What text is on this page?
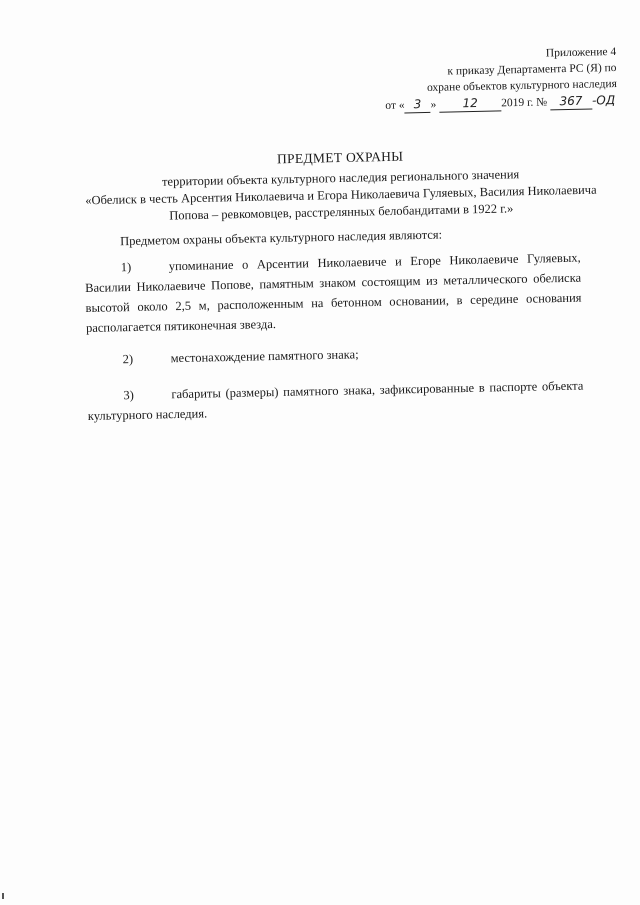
Приложение 4
к приказу Департамента РС (Я) по
охране объектов культурного наследия
от « 3 » 12 2019 г. № 367 -ОД

ПРЕДМЕТ ОХРАНЫ

территории объекта культурного наследия регионального значения

«Обелиск в честь Арсентия Николаевича и Егора Николаевича Гуляевых, Василия Николаевича

Попова – ревкомовцев, расстрелянных белобандитами в 1922 г.»

Предметом охраны объекта культурного наследия являются:

1)	упоминание о Арсентии Николаевиче и Егоре Николаевиче Гуляевых, Василии Николаевиче Попове, памятным знаком состоящим из металлического обелиска высотой около 2,5 м, расположенным на бетонном основании, в середине основания располагается пятиконечная звезда.

2)	местонахождение памятного знака;

3)	габариты (размеры) памятного знака, зафиксированные в паспорте объекта культурного наследия.
